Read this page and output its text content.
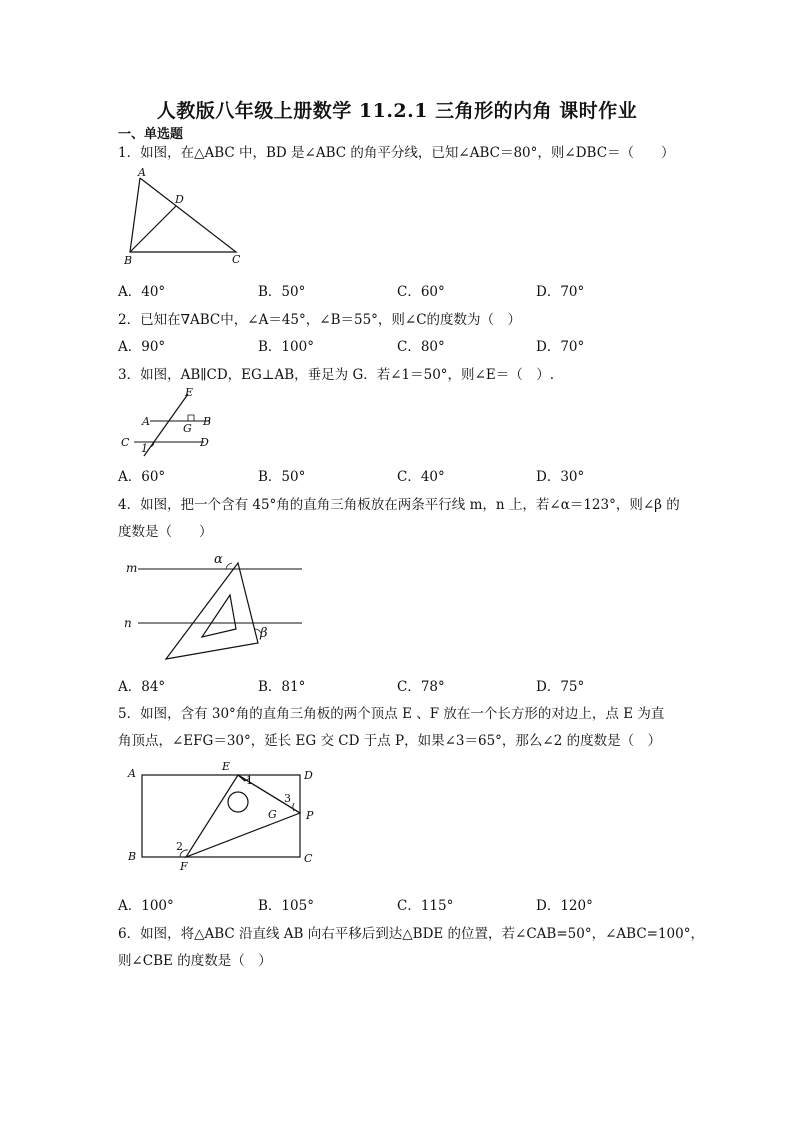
人教版八年级上册数学 11.2.1 三角形的内角 课时作业
一、单选题
1．如图，在△ABC 中，BD 是∠ABC 的角平分线，已知∠ABC＝80°，则∠DBC＝（　　）
A
D
B	C
A．40°	B．50°	C．60°	D．70°
2．已知在∇ABC中，∠A＝45°，∠B＝55°，则∠C的度数为（　）
A．90°	B．100°	C．80°	D．70°
3．如图，AB∥CD，EG⊥AB，垂足为 G．若∠1＝50°，则∠E＝（　）.
E
A
G
B
C 1	D
A．60°	B．50°	C．40°	D．30°
4．如图，把一个含有 45°角的直角三角板放在两条平行线 m，n 上，若∠α＝123°，则∠β 的
度数是（　　）
m
n
α
β
A．84°	B．81°	C．78°	D．75°
5．如图，含有 30°角的直角三角板的两个顶点 E 、F 放在一个长方形的对边上，点 E 为直
角顶点，∠EFG＝30°，延长 EG 交 CD 于点 P，如果∠3＝65°，那么∠2 的度数是（　）
A
E
1	D
3
G	P
2
B
F
C
A．100°	B．105°	C．115°	D．120°
6．如图，将△ABC 沿直线 AB 向右平移后到达△BDE 的位置，若∠CAB=50°，∠ABC=100°，
则∠CBE 的度数是（　）
